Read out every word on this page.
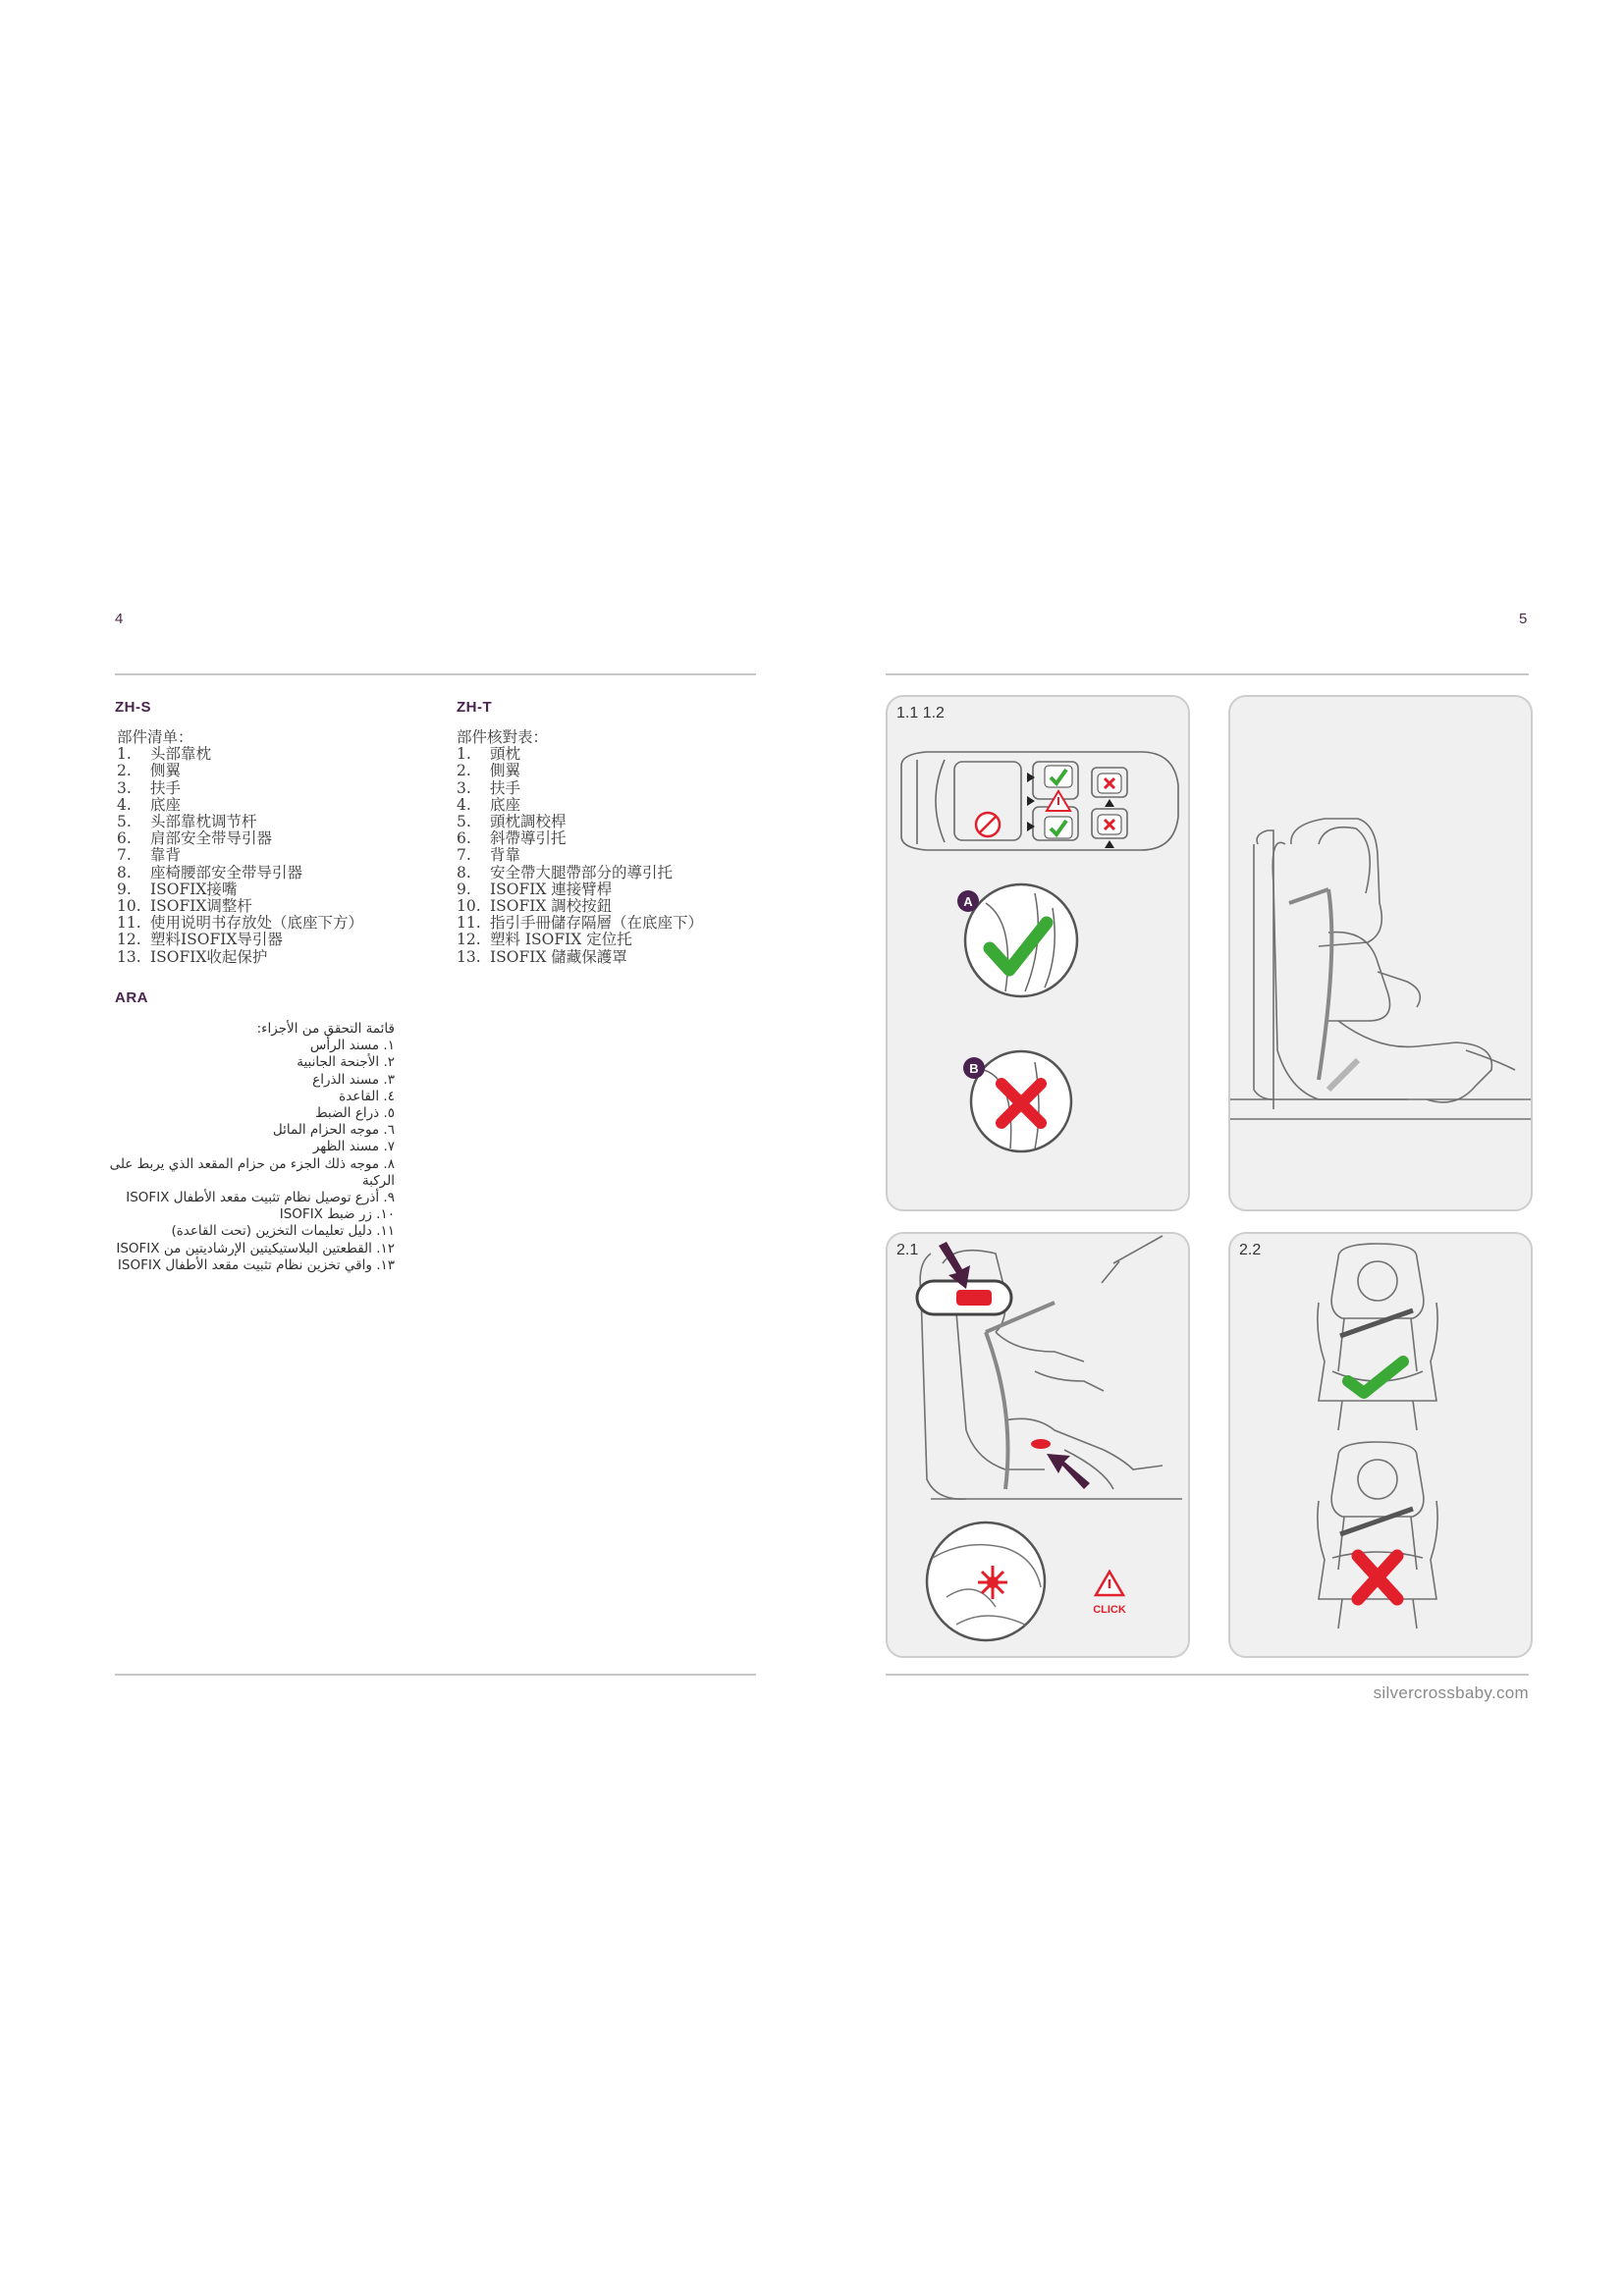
4	5
ZH-S
部件清单：
1.	头部靠枕
2.	侧翼
3.	扶手
4.	底座
5.	头部靠枕调节杆
6.	肩部安全带导引器
7.	靠背
8.	座椅腰部安全带导引器
9.	ISOFIX接嘴
10. ISOFIX调整杆
11. 使用说明书存放处（底座下方）
12. 塑料ISOFIX导引器
13. ISOFIX收起保护
ZH-T
部件核對表：
1.	頭枕
2.	側翼
3.	扶手
4.	底座
5.	頭枕調校桿
6.	斜帶導引托
7.	背靠
8.	安全帶大腿帶部分的導引托
9.	ISOFIX 連接臂桿
10. ISOFIX 調校按鈕
11. 指引手冊儲存隔層（在底座下）
12. 塑料 ISOFIX 定位托
13. ISOFIX 儲藏保護罩
ARA
قائمة التحقق من الأجزاء:
١. مسند الرأس
٢. الأجنحة الجانبية
٣. مسند الذراع
٤. القاعدة
٥. ذراع الضبط
٦. موجه الحزام المائل
٧. مسند الظهر
٨. موجه ذلك الجزء من حزام المقعد الذي يربط على
الركبة
٩. أذرع توصيل نظام تثبيت مقعد الأطفال ISOFIX
١٠. زر ضبط ISOFIX
١١. دليل تعليمات التخزين (تحت القاعدة)
١٢. القطعتين البلاستيكيتين الإرشاديتين من ISOFIX
١٣. واقي تخزين نظام تثبيت مقعد الأطفال ISOFIX
1.1 1.2
A
B
2.1
CLICK
2.2
silvercrossbaby.com
